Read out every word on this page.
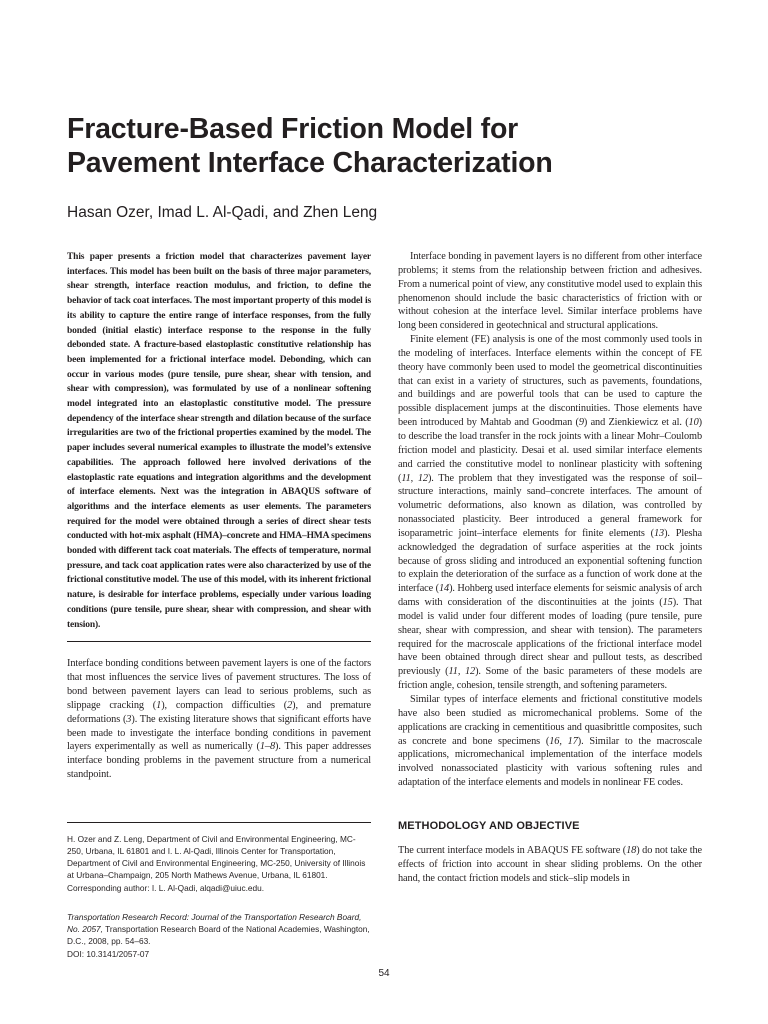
Fracture-Based Friction Model for
Pavement Interface Characterization
Hasan Ozer, Imad L. Al-Qadi, and Zhen Leng

This paper presents a friction model that characterizes pavement layer interfaces. This model has been built on the basis of three major parameters, shear strength, interface reaction modulus, and friction, to define the behavior of tack coat interfaces. The most important property of this model is its ability to capture the entire range of interface responses, from the fully bonded (initial elastic) interface response to the response in the fully debonded state. A fracture-based elastoplastic constitutive relationship has been implemented for a frictional interface model. Debonding, which can occur in various modes (pure tensile, pure shear, shear with tension, and shear with compression), was formulated by use of a nonlinear softening model integrated into an elastoplastic constitutive model. The pressure dependency of the interface shear strength and dilation because of the surface irregularities are two of the frictional properties examined by the model. The paper includes several numerical examples to illustrate the model’s extensive capabilities. The approach followed here involved derivations of the elastoplastic rate equations and integration algorithms and the development of interface elements. Next was the integration in ABAQUS software of algorithms and the interface elements as user elements. The parameters required for the model were obtained through a series of direct shear tests conducted with hot-mix asphalt (HMA)–concrete and HMA–HMA specimens bonded with different tack coat materials. The effects of temperature, normal pressure, and tack coat application rates were also characterized by use of the frictional constitutive model. The use of this model, with its inherent frictional nature, is desirable for interface problems, especially under various loading conditions (pure tensile, pure shear, shear with compression, and shear with tension).

Interface bonding conditions between pavement layers is one of the factors that most influences the service lives of pavement structures. The loss of bond between pavement layers can lead to serious problems, such as slippage cracking (1), compaction difficulties (2), and premature deformations (3). The existing literature shows that significant efforts have been made to investigate the interface bonding conditions in pavement layers experimentally as well as numerically (1–8). This paper addresses interface bonding problems in the pavement structure from a numerical standpoint.

H. Ozer and Z. Leng, Department of Civil and Environmental Engineering, MC-250, Urbana, IL 61801 and I. L. Al-Qadi, Illinois Center for Transportation, Department of Civil and Environmental Engineering, MC-250, University of Illinois at Urbana–Champaign, 205 North Mathews Avenue, Urbana, IL 61801. Corresponding author: I. L. Al-Qadi, alqadi@uiuc.edu.

Transportation Research Record: Journal of the Transportation Research Board, No. 2057, Transportation Research Board of the National Academies, Washington, D.C., 2008, pp. 54–63.
DOI: 10.3141/2057-07

Interface bonding in pavement layers is no different from other interface problems; it stems from the relationship between friction and adhesives. From a numerical point of view, any constitutive model used to explain this phenomenon should include the basic characteristics of friction with or without cohesion at the interface level. Similar interface problems have long been considered in geotechnical and structural applications.

Finite element (FE) analysis is one of the most commonly used tools in the modeling of interfaces. Interface elements within the concept of FE theory have commonly been used to model the geometrical discontinuities that can exist in a variety of structures, such as pavements, foundations, and buildings and are powerful tools that can be used to capture the possible displacement jumps at the discontinuities. Those elements have been introduced by Mahtab and Goodman (9) and Zienkiewicz et al. (10) to describe the load transfer in the rock joints with a linear Mohr–Coulomb friction model and plasticity. Desai et al. used similar interface elements and carried the constitutive model to nonlinear plasticity with softening (11, 12). The problem that they investigated was the response of soil–structure interactions, mainly sand–concrete interfaces. The amount of volumetric deformations, also known as dilation, was controlled by nonassociated plasticity. Beer introduced a general framework for isoparametric joint–interface elements for finite elements (13). Plesha acknowledged the degradation of surface asperities at the rock joints because of gross sliding and introduced an exponential softening function to explain the deterioration of the surface as a function of work done at the interface (14). Hohberg used interface elements for seismic analysis of arch dams with consideration of the discontinuities at the joints (15). That model is valid under four different modes of loading (pure tensile, pure shear, shear with compression, and shear with tension). The parameters required for the macroscale applications of the frictional interface model have been obtained through direct shear and pullout tests, as described previously (11, 12). Some of the basic parameters of these models are friction angle, cohesion, tensile strength, and softening parameters.

Similar types of interface elements and frictional constitutive models have also been studied as micromechanical problems. Some of the applications are cracking in cementitious and quasibrittle composites, such as concrete and bone specimens (16, 17). Similar to the macroscale applications, micromechanical implementation of the interface models involved nonassociated plasticity with various softening rules and adaptation of the interface elements and models in nonlinear FE codes.

METHODOLOGY AND OBJECTIVE

The current interface models in ABAQUS FE software (18) do not take the effects of friction into account in shear sliding problems. On the other hand, the contact friction models and stick–slip models in

54
